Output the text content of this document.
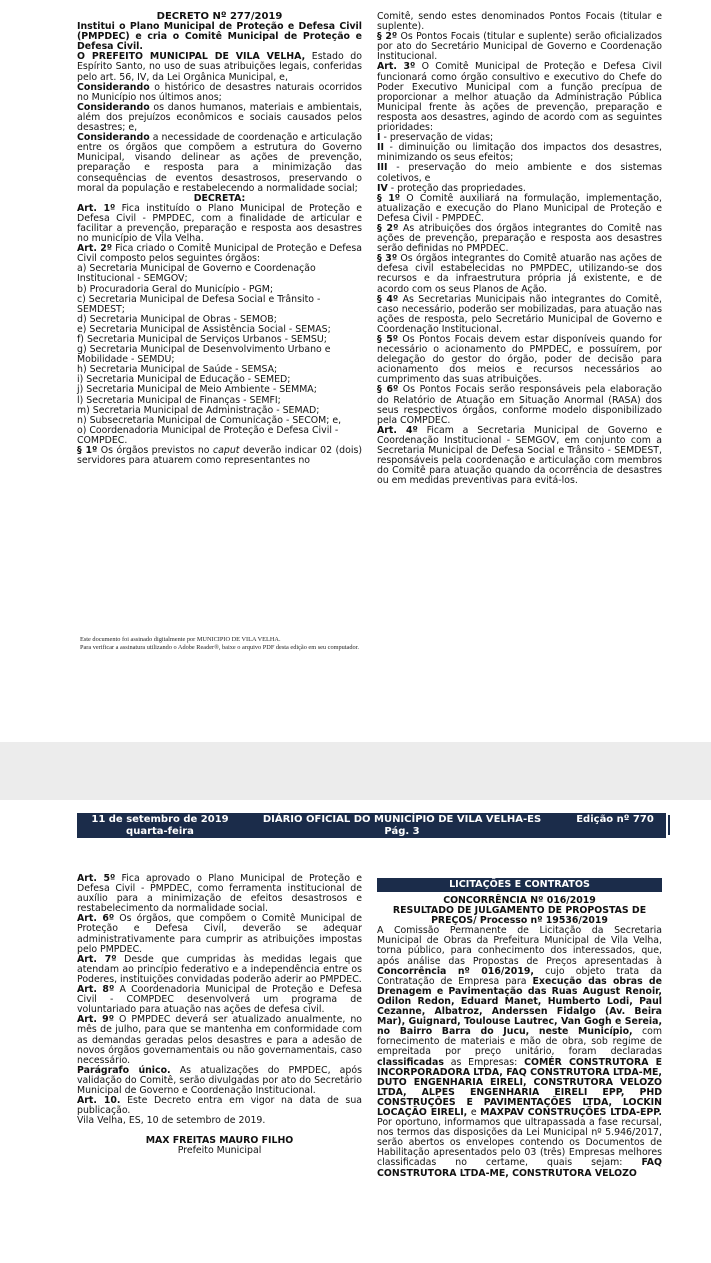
DECRETO Nº 277/2019

Institui o Plano Municipal de Proteção e Defesa Civil (PMPDEC) e cria o Comitê Municipal de Proteção e Defesa Civil.

O PREFEITO MUNICIPAL DE VILA VELHA, Estado do Espírito Santo, no uso de suas atribuições legais, conferidas pelo art. 56, IV, da Lei Orgânica Municipal, e,

Considerando o histórico de desastres naturais ocorridos no Município nos últimos anos;

Considerando os danos humanos, materiais e ambientais, além dos prejuízos econômicos e sociais causados pelos desastres; e,

Considerando a necessidade de coordenação e articulação entre os órgãos que compõem a estrutura do Governo Municipal, visando delinear as ações de prevenção, preparação e resposta para a minimização das consequências de eventos desastrosos, preservando o moral da população e restabelecendo a normalidade social;

DECRETA:

Art. 1º Fica instituído o Plano Municipal de Proteção e Defesa Civil - PMPDEC, com a finalidade de articular e facilitar a prevenção, preparação e resposta aos desastres no município de Vila Velha.

Art. 2º Fica criado o Comitê Municipal de Proteção e Defesa Civil composto pelos seguintes órgãos:

a) Secretaria Municipal de Governo e Coordenação Institucional - SEMGOV;

b) Procuradoria Geral do Município - PGM;

c) Secretaria Municipal de Defesa Social e Trânsito - SEMDEST;

d) Secretaria Municipal de Obras - SEMOB;

e) Secretaria Municipal de Assistência Social - SEMAS;

f) Secretaria Municipal de Serviços Urbanos - SEMSU;

g) Secretaria Municipal de Desenvolvimento Urbano e Mobilidade - SEMDU;

h) Secretaria Municipal de Saúde - SEMSA;

i) Secretaria Municipal de Educação - SEMED;

j) Secretaria Municipal de Meio Ambiente - SEMMA;

l) Secretaria Municipal de Finanças - SEMFI;

m) Secretaria Municipal de Administração - SEMAD;

n) Subsecretaria Municipal de Comunicação - SECOM; e,

o) Coordenadoria Municipal de Proteção e Defesa Civil - COMPDEC.

§ 1º Os órgãos previstos no caput deverão indicar 02 (dois) servidores para atuarem como representantes no

Comitê, sendo estes denominados Pontos Focais (titular e suplente).

§ 2º Os Pontos Focais (titular e suplente) serão oficializados por ato do Secretário Municipal de Governo e Coordenação Institucional.

Art. 3º O Comitê Municipal de Proteção e Defesa Civil funcionará como órgão consultivo e executivo do Chefe do Poder Executivo Municipal com a função precípua de proporcionar a melhor atuação da Administração Pública Municipal frente às ações de prevenção, preparação e resposta aos desastres, agindo de acordo com as seguintes prioridades:

I - preservação de vidas;

II - diminuição ou limitação dos impactos dos desastres, minimizando os seus efeitos;

III - preservação do meio ambiente e dos sistemas coletivos, e

IV - proteção das propriedades.

§ 1º O Comitê auxiliará na formulação, implementação, atualização e execução do Plano Municipal de Proteção e Defesa Civil - PMPDEC.

§ 2º As atribuições dos órgãos integrantes do Comitê nas ações de prevenção, preparação e resposta aos desastres serão definidas no PMPDEC.

§ 3º Os órgãos integrantes do Comitê atuarão nas ações de defesa civil estabelecidas no PMPDEC, utilizando-se dos recursos e da infraestrutura própria já existente, e de acordo com os seus Planos de Ação.

§ 4º As Secretarias Municipais não integrantes do Comitê, caso necessário, poderão ser mobilizadas, para atuação nas ações de resposta, pelo Secretário Municipal de Governo e Coordenação Institucional.

§ 5º Os Pontos Focais devem estar disponíveis quando for necessário o acionamento do PMPDEC, e possuírem, por delegação do gestor do órgão, poder de decisão para acionamento dos meios e recursos necessários ao cumprimento das suas atribuições.

§ 6º Os Pontos Focais serão responsáveis pela elaboração do Relatório de Atuação em Situação Anormal (RASA) dos seus respectivos órgãos, conforme modelo disponibilizado pela COMPDEC.

Art. 4º Ficam a Secretaria Municipal de Governo e Coordenação Institucional - SEMGOV, em conjunto com a Secretaria Municipal de Defesa Social e Trânsito - SEMDEST, responsáveis pela coordenação e articulação com membros do Comitê para atuação quando da ocorrência de desastres ou em medidas preventivas para evitá-los.

Este documento foi assinado digitalmente por MUNICIPIO DE VILA VELHA.
Para verificar a assinatura utilizando o Adobe Reader®, baixe o arquivo PDF desta edição em seu computador.
11 de setembro de 2019
quarta-feira
DIÁRIO OFICIAL DO MUNICÍPIO DE VILA VELHA-ES
Pág. 3
Edição nº 770

Art. 5º Fica aprovado o Plano Municipal de Proteção e Defesa Civil - PMPDEC, como ferramenta institucional de auxílio para a minimização de efeitos desastrosos e restabelecimento da normalidade social.

Art. 6º Os órgãos, que compõem o Comitê Municipal de Proteção e Defesa Civil, deverão se adequar administrativamente para cumprir as atribuições impostas pelo PMPDEC.

Art. 7º Desde que cumpridas às medidas legais que atendam ao princípio federativo e a independência entre os Poderes, instituições convidadas poderão aderir ao PMPDEC.

Art. 8º A Coordenadoria Municipal de Proteção e Defesa Civil - COMPDEC desenvolverá um programa de voluntariado para atuação nas ações de defesa civil.

Art. 9º O PMPDEC deverá ser atualizado anualmente, no mês de julho, para que se mantenha em conformidade com as demandas geradas pelos desastres e para a adesão de novos órgãos governamentais ou não governamentais, caso necessário.

Parágrafo único. As atualizações do PMPDEC, após validação do Comitê, serão divulgadas por ato do Secretário Municipal de Governo e Coordenação Institucional.

Art. 10. Este Decreto entra em vigor na data de sua publicação.

Vila Velha, ES, 10 de setembro de 2019.

MAX FREITAS MAURO FILHO

Prefeito Municipal

LICITAÇÕES E CONTRATOS

CONCORRÊNCIA Nº 016/2019

RESULTADO DE JULGAMENTO DE PROPOSTAS DE PREÇOS/ Processo nº 19536/2019

A Comissão Permanente de Licitação da Secretaria Municipal de Obras da Prefeitura Municipal de Vila Velha, torna público, para conhecimento dos interessados, que, após análise das Propostas de Preços apresentadas à Concorrência nº 016/2019, cujo objeto trata da Contratação de Empresa para Execução das obras de Drenagem e Pavimentação das Ruas August Renoir, Odilon Redon, Eduard Manet, Humberto Lodi, Paul Cezanne, Albatroz, Anderssen Fidalgo (Av. Beira Mar), Guignard, Toulouse Lautrec, Van Gogh e Sereia, no Bairro Barra do Jucu, neste Município, com fornecimento de materiais e mão de obra, sob regime de empreitada por preço unitário, foram declaradas classificadas as Empresas: COMÉR CONSTRUTORA E INCORPORADORA LTDA, FAQ CONSTRUTORA LTDA-ME, DUTO ENGENHARIA EIRELI, CONSTRUTORA VELOZO LTDA, ALPES ENGENHARIA EIRELI EPP, PHD CONSTRUÇÕES E PAVIMENTAÇÕES LTDA, LOCKIN LOCAÇÃO EIRELI, e MAXPAV CONSTRUÇÕES LTDA-EPP. Por oportuno, informamos que ultrapassada a fase recursal, nos termos das disposições da Lei Municipal nº 5.946/2017, serão abertos os envelopes contendo os Documentos de Habilitação apresentados pelo 03 (três) Empresas melhores classificadas no certame, quais sejam: FAQ CONSTRUTORA LTDA-ME, CONSTRUTORA VELOZO
